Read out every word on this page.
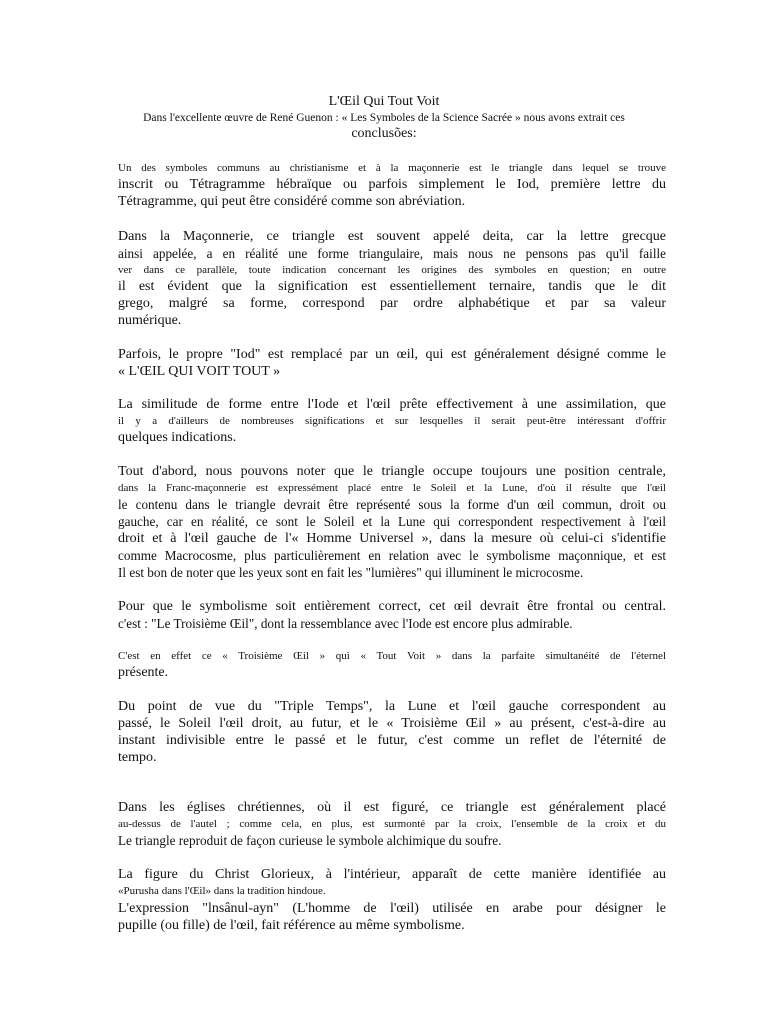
L'Œil Qui Tout Voit
Dans l'excellente œuvre de René Guenon : « Les Symboles de la Science Sacrée » nous avons extrait ces
conclusões:
Un des symboles communs au christianisme et à la maçonnerie est le triangle dans lequel se trouve
inscrit ou Tétragramme hébraïque ou parfois simplement le Iod, première lettre du
Tétragramme, qui peut être considéré comme son abréviation.
Dans la Maçonnerie, ce triangle est souvent appelé deita, car la lettre grecque
ainsi appelée, a en réalité une forme triangulaire, mais nous ne pensons pas qu'il faille
ver dans ce parallèle, toute indication concernant les origines des symboles en question; en outre
il est évident que la signification est essentiellement ternaire, tandis que le dit
grego, malgré sa forme, correspond par ordre alphabétique et par sa valeur
numérique.
Parfois, le propre "Iod" est remplacé par un œil, qui est généralement désigné comme le
« L'ŒIL QUI VOIT TOUT »
La similitude de forme entre l'Iode et l'œil prête effectivement à une assimilation, que
il y a d'ailleurs de nombreuses significations et sur lesquelles il serait peut-être intéressant d'offrir
quelques indications.
Tout d'abord, nous pouvons noter que le triangle occupe toujours une position centrale,
dans la Franc-maçonnerie est expressément placé entre le Soleil et la Lune, d'où il résulte que l'œil
le contenu dans le triangle devrait être représenté sous la forme d'un œil commun, droit ou
gauche, car en réalité, ce sont le Soleil et la Lune qui correspondent respectivement à l'œil
droit et à l'œil gauche de l'« Homme Universel », dans la mesure où celui-ci s'identifie
comme Macrocosme, plus particulièrement en relation avec le symbolisme maçonnique, et est
Il est bon de noter que les yeux sont en fait les "lumières" qui illuminent le microcosme.
Pour que le symbolisme soit entièrement correct, cet œil devrait être frontal ou central.
c'est : "Le Troisième Œil", dont la ressemblance avec l'Iode est encore plus admirable.
C'est en effet ce « Troisième Œil » qui « Tout Voit » dans la parfaite simultanéité de l'éternel
présente.
Du point de vue du "Triple Temps", la Lune et l'œil gauche correspondent au
passé, le Soleil l'œil droit, au futur, et le « Troisième Œil » au présent, c'est-à-dire au
instant indivisible entre le passé et le futur, c'est comme un reflet de l'éternité de
tempo.
Dans les églises chrétiennes, où il est figuré, ce triangle est généralement placé
au-dessus de l'autel ; comme cela, en plus, est surmonté par la croix, l'ensemble de la croix et du
Le triangle reproduit de façon curieuse le symbole alchimique du soufre.
La figure du Christ Glorieux, à l'intérieur, apparaît de cette manière identifiée au
«Purusha dans l'Œil» dans la tradition hindoue.
L'expression "lnsânul-ayn" (L'homme de l'œil) utilisée en arabe pour désigner le
pupille (ou fille) de l'œil, fait référence au même symbolisme.
